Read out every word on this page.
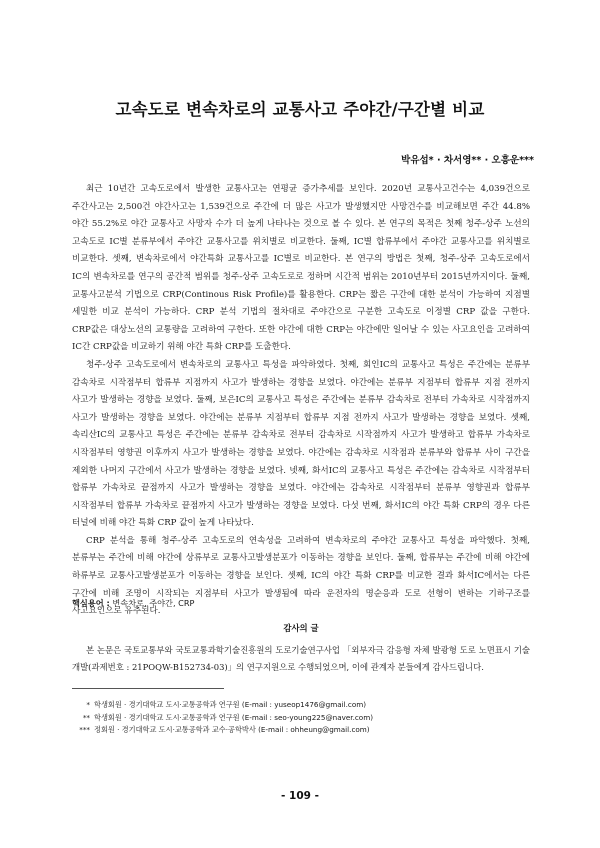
고속도로 변속차로의 교통사고 주야간/구간별 비교
박유섭* · 차서영** · 오흥운***

최근 10년간 고속도로에서 발생한 교통사고는 연평균 증가추세를 보인다. 2020년 교통사고건수는 4,039건으로 주간사고는 2,500건 야간사고는 1,539건으로 주간에 더 많은 사고가 발생했지만 사망건수를 비교해보면 주간 44.8% 야간 55.2%로 야간 교통사고 사망자 수가 더 높게 나타나는 것으로 볼 수 있다. 본 연구의 목적은 첫째 청주-상주 노선의 고속도로 IC별 분류부에서 주야간 교통사고를 위치별로 비교한다. 둘째, IC별 합류부에서 주야간 교통사고를 위치별로 비교한다. 셋째, 변속차로에서 야간특화 교통사고를 IC별로 비교한다. 본 연구의 방법은 첫째, 청주-상주 고속도로에서 IC의 변속차로를 연구의 공간적 범위를 청주-상주 고속도로로 정하며 시간적 범위는 2010년부터 2015년까지이다. 둘째, 교통사고분석 기법으로 CRP(Continous Risk Profile)를 활용한다. CRP는 짧은 구간에 대한 분석이 가능하여 지점별 세밀한 비교 분석이 가능하다. CRP 분석 기법의 절차대로 주야간으로 구분한 고속도로 이정별 CRP 값을 구한다. CRP값은 대상노선의 교통량을 고려하여 구한다. 또한 야간에 대한 CRP는 야간에만 일어날 수 있는 사고요인을 고려하여 IC간 CRP값을 비교하기 위해 야간 특화 CRP를 도출한다.

청주-상주 고속도로에서 변속차로의 교통사고 특성을 파악하였다. 첫째, 회인IC의 교통사고 특성은 주간에는 분류부 감속차로 시작점부터 합류부 지점까지 사고가 발생하는 경향을 보였다. 야간에는 분류부 지점부터 합류부 지점 전까지 사고가 발생하는 경향을 보였다. 둘째, 보은IC의 교통사고 특성은 주간에는 분류부 감속차로 전부터 가속차로 시작점까지 사고가 발생하는 경향을 보였다. 야간에는 분류부 지점부터 합류부 지점 전까지 사고가 발생하는 경향을 보였다. 셋째, 속리산IC의 교통사고 특성은 주간에는 분류부 감속차로 전부터 감속차로 시작점까지 사고가 발생하고 합류부 가속차로 시작점부터 영향권 이후까지 사고가 발생하는 경향을 보였다. 야간에는 감속차로 시작점과 분류부와 합류부 사이 구간을 제외한 나머지 구간에서 사고가 발생하는 경향을 보였다. 넷째, 화서IC의 교통사고 특성은 주간에는 감속차로 시작점부터 합류부 가속차로 끝점까지 사고가 발생하는 경향을 보였다. 야간에는 감속차로 시작점부터 분류부 영향권과 합류부 시작점부터 합류부 가속차로 끝점까지 사고가 발생하는 경향을 보였다. 다섯 번째, 화서IC의 야간 특화 CRP의 경우 다른 터널에 비해 야간 특화 CRP 값이 높게 나타났다.

CRP 분석을 통해 청주-상주 고속도로의 연속성을 고려하여 변속차로의 주야간 교통사고 특성을 파악했다. 첫째, 분류부는 주간에 비해 야간에 상류부로 교통사고발생분포가 이동하는 경향을 보인다. 둘째, 합류부는 주간에 비해 야간에 하류부로 교통사고발생분포가 이동하는 경향을 보인다. 셋째, IC의 야간 특화 CRP를 비교한 결과 화서IC에서는 다른 구간에 비해 조명이 시작되는 지점부터 사고가 발생됨에 따라 운전자의 명순응과 도로 선형이 변하는 기하구조를 사고요인으로 유추된다.

핵심용어 : 변속차로, 주야간, CRP
감사의 글

본 논문은 국토교통부와 국토교통과학기술진흥원의 도로기술연구사업 「외부자극 감응형 자체 발광형 도로 노면표시 기술 개발(과제번호 : 21POQW-B152734-03)」의 연구지원으로 수행되었으며, 이에 관계자 분들에게 감사드립니다.

* 학생회원 · 경기대학교 도시·교통공학과 연구원 (E-mail : yuseop1476@gmail.com)
** 학생회원 · 경기대학교 도시·교통공학과 연구원 (E-mail : seo-young225@naver.com)
*** 정회원 · 경기대학교 도시·교통공학과 교수·공학박사 (E-mail : ohheung@gmail.com)
- 109 -
